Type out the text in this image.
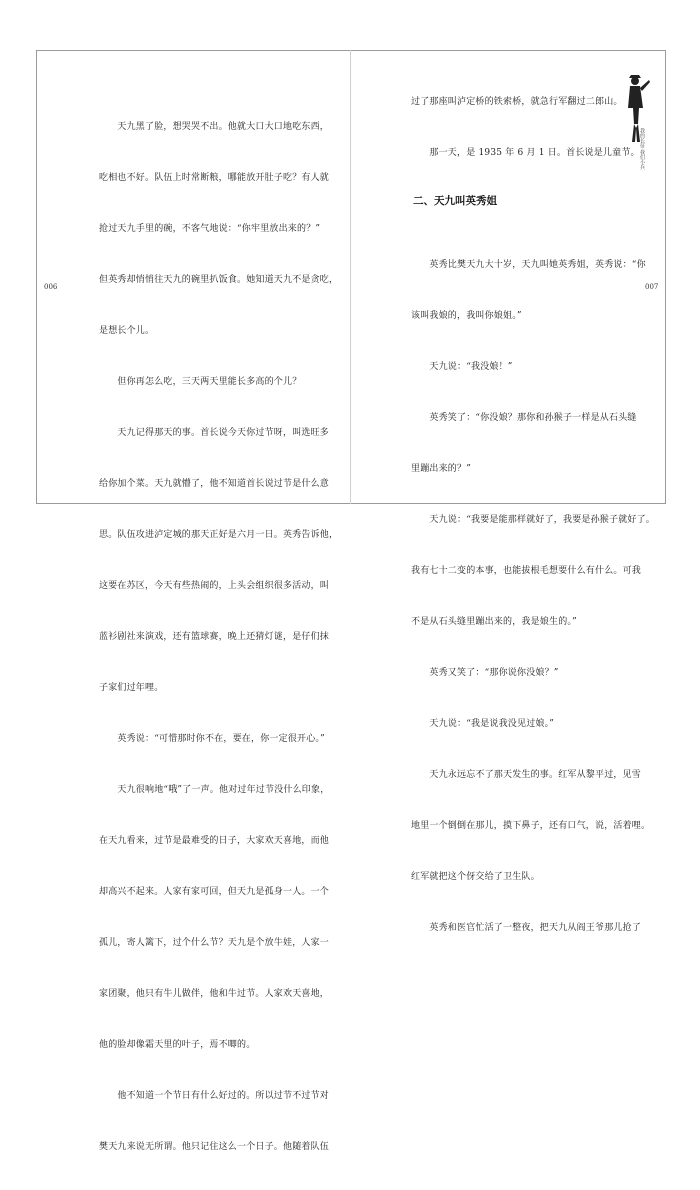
006

　　天九黑了脸，想哭哭不出。他就大口大口地吃东西，

吃相也不好。队伍上时常断粮，哪能放开肚子吃？有人就

抢过天九手里的碗，不客气地说：“你牢里放出来的？”

但英秀却悄悄往天九的碗里扒饭食。她知道天九不是贪吃，

是想长个儿。

　　但你再怎么吃，三天两天里能长多高的个儿？

　　天九记得那天的事。首长说今天你过节呀，叫选旺多

给你加个菜。天九就懵了，他不知道首长说过节是什么意

思。队伍攻进泸定城的那天正好是六月一日。英秀告诉他，

这要在苏区，今天有些热闹的，上头会组织很多活动，叫

蓝衫剧社来演戏，还有篮球赛，晚上还猜灯谜，是仔们抹

子家们过年哩。

　　英秀说：“可惜那时你不在，要在，你一定很开心。”

　　天九很响地“哦”了一声。他对过年过节没什么印象，

在天九看来，过节是最难受的日子，大家欢天喜地，而他

却高兴不起来。人家有家可回，但天九是孤身一人。一个

孤儿，寄人篱下，过个什么节？天九是个放牛娃，人家一

家团聚，他只有牛儿做伴，他和牛过节。人家欢天喜地，

他的脸却像霜天里的叶子，焉不唧的。

　　他不知道一个节日有什么好过的。所以过节不过节对

樊天九来说无所谓。他只记住这么一个日子。他随着队伍

我的长征 我们小兵
007

过了那座叫泸定桥的铁索桥，就急行军翻过二郎山。

　　那一天，是 1935 年 6 月 1 日。首长说是儿童节。

二、天九叫英秀姐

　　英秀比樊天九大十岁，天九叫她英秀姐，英秀说：“你

该叫我娘的，我叫你娘姐。”

　　天九说：“我没娘！”

　　英秀笑了：“你没娘？那你和孙猴子一样是从石头缝

里蹦出来的？”

　　天九说：“我要是能那样就好了，我要是孙猴子就好了。

我有七十二变的本事，也能拔根毛想要什么有什么。可我

不是从石头缝里蹦出来的，我是娘生的。”

　　英秀又笑了：“那你说你没娘？”

　　天九说：“我是说我没见过娘。”

　　天九永远忘不了那天发生的事。红军从黎平过，见雪

地里一个倒倒在那儿，摸下鼻子，还有口气，说，活着哩。

红军就把这个伢交给了卫生队。

　　英秀和医官忙活了一整夜，把天九从阎王爷那儿抢了
